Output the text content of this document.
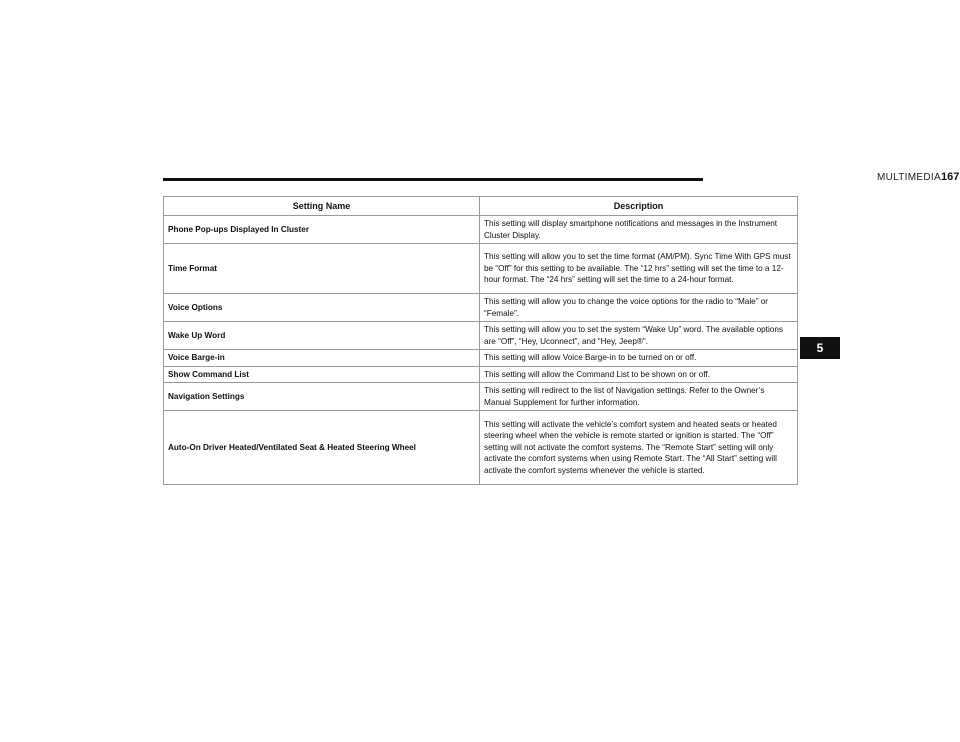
MULTIMEDIA 167
5
Setting Name	Description
Phone Pop-ups Displayed In Cluster	This setting will display smartphone notifications and messages in the Instrument Cluster Display.
Time Format	This setting will allow you to set the time format (AM/PM). Sync Time With GPS must be “Off” for this setting to be available. The “12 hrs” setting will set the time to a 12-hour format. The “24 hrs” setting will set the time to a 24-hour format.
Voice Options	This setting will allow you to change the voice options for the radio to “Male” or “Female”.
Wake Up Word	This setting will allow you to set the system “Wake Up” word. The available options are “Off”, “Hey, Uconnect”, and “Hey, Jeep®”.
Voice Barge-in	This setting will allow Voice Barge-in to be turned on or off.
Show Command List	This setting will allow the Command List to be shown on or off.
Navigation Settings	This setting will redirect to the list of Navigation settings. Refer to the Owner’s Manual Supplement for further information.
Auto-On Driver Heated/Ventilated Seat & Heated Steering Wheel	This setting will activate the vehicle’s comfort system and heated seats or heated steering wheel when the vehicle is remote started or ignition is started. The “Off” setting will not activate the comfort systems. The “Remote Start” setting will only activate the comfort systems when using Remote Start. The “All Start” setting will activate the comfort systems whenever the vehicle is started.
